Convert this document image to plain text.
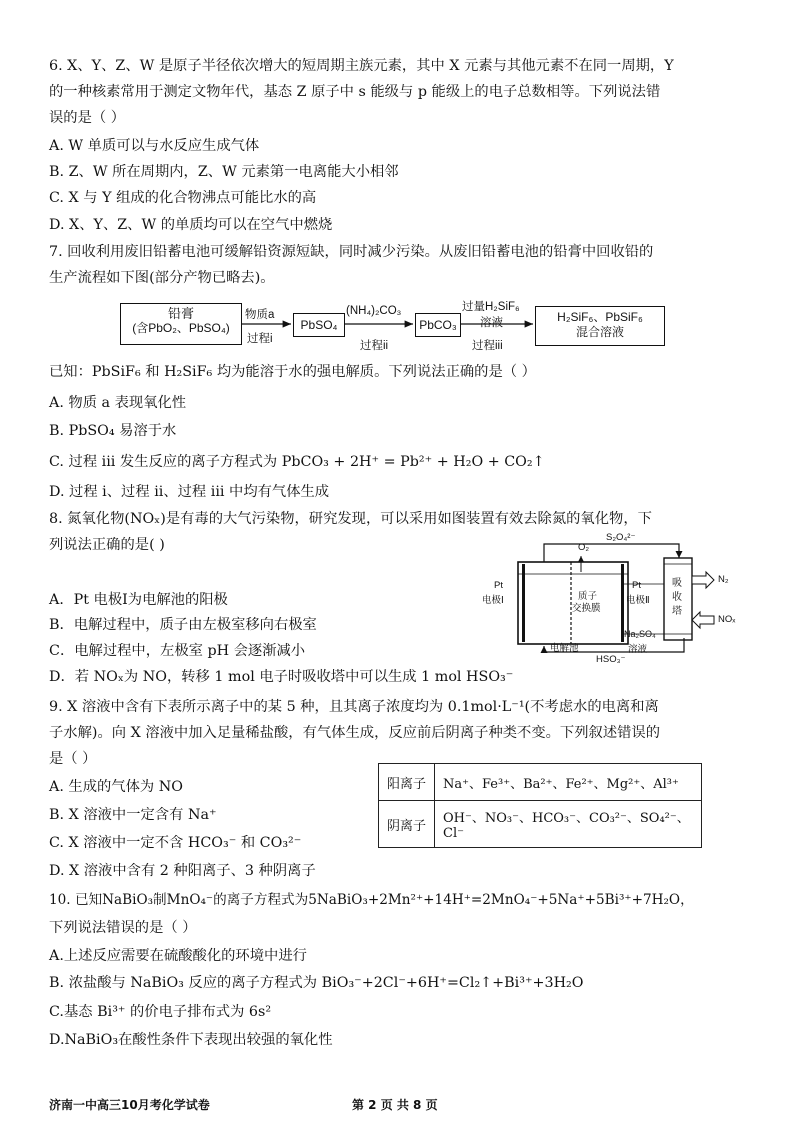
6. X、Y、Z、W 是原子半径依次增大的短周期主族元素，其中 X 元素与其他元素不在同一周期，Y
的一种核素常用于测定文物年代，基态 Z 原子中 s 能级与 p 能级上的电子总数相等。下列说法错
误的是（ ）
A. W 单质可以与水反应生成气体
B. Z、W 所在周期内，Z、W 元素第一电离能大小相邻
C. X 与 Y 组成的化合物沸点可能比水的高
D. X、Y、Z、W 的单质均可以在空气中燃烧
7. 回收利用废旧铅蓄电池可缓解铅资源短缺，同时减少污染。从废旧铅蓄电池的铅膏中回收铅的
生产流程如下图(部分产物已略去)。
铅膏
(含PbO₂、PbSO₄)
物质a
过程i
PbSO₄
(NH₄)₂CO₃
过程ii
PbCO₃
过量H₂SiF₆
溶液
过程iii
H₂SiF₆、PbSiF₆
混合溶液
已知：PbSiF₆ 和 H₂SiF₆ 均为能溶于水的强电解质。下列说法正确的是（ ）
A. 物质 a 表现氧化性
B. PbSO₄ 易溶于水
C. 过程 iii 发生反应的离子方程式为 PbCO₃ + 2H⁺ = Pb²⁺ + H₂O + CO₂↑
D. 过程 i、过程 ii、过程 iii 中均有气体生成
8. 氮氧化物(NOₓ)是有毒的大气污染物，研究发现，可以采用如图装置有效去除氮的氧化物，下
列说法正确的是( )
A．Pt 电极Ⅰ为电解池的阳极
B．电解过程中，质子由左极室移向右极室
C．电解过程中，左极室 pH 会逐渐减小
D．若 NOₓ为 NO，转移 1 mol 电子时吸收塔中可以生成 1 mol HSO₃⁻
S₂O₄²⁻
O₂
Pt
电极Ⅰ	质子
交换膜
Pt
电极Ⅱ
吸
收
塔
N₂
NOₓ
Na₂SO₄
溶液
电解池
HSO₃⁻
9. X 溶液中含有下表所示离子中的某 5 种，且其离子浓度均为 0.1mol·L⁻¹(不考虑水的电离和离
子水解)。向 X 溶液中加入足量稀盐酸，有气体生成，反应前后阴离子种类不变。下列叙述错误的
是（ ）
A. 生成的气体为 NO
B. X 溶液中一定含有 Na⁺
C. X 溶液中一定不含 HCO₃⁻ 和 CO₃²⁻
D. X 溶液中含有 2 种阳离子、3 种阴离子
阳离子	Na⁺、Fe³⁺、Ba²⁺、Fe²⁺、Mg²⁺、Al³⁺
阴离子	OH⁻、NO₃⁻、HCO₃⁻、CO₃²⁻、SO₄²⁻、Cl⁻
10. 已知NaBiO₃制MnO₄⁻的离子方程式为5NaBiO₃+2Mn²⁺+14H⁺=2MnO₄⁻+5Na⁺+5Bi³⁺+7H₂O，
下列说法错误的是（ ）
A.上述反应需要在硫酸酸化的环境中进行
B. 浓盐酸与 NaBiO₃ 反应的离子方程式为 BiO₃⁻+2Cl⁻+6H⁺=Cl₂↑+Bi³⁺+3H₂O
C.基态 Bi³⁺ 的价电子排布式为 6s²
D.NaBiO₃在酸性条件下表现出较强的氧化性
济南一中高三10月考化学试卷	第 2 页 共 8 页
